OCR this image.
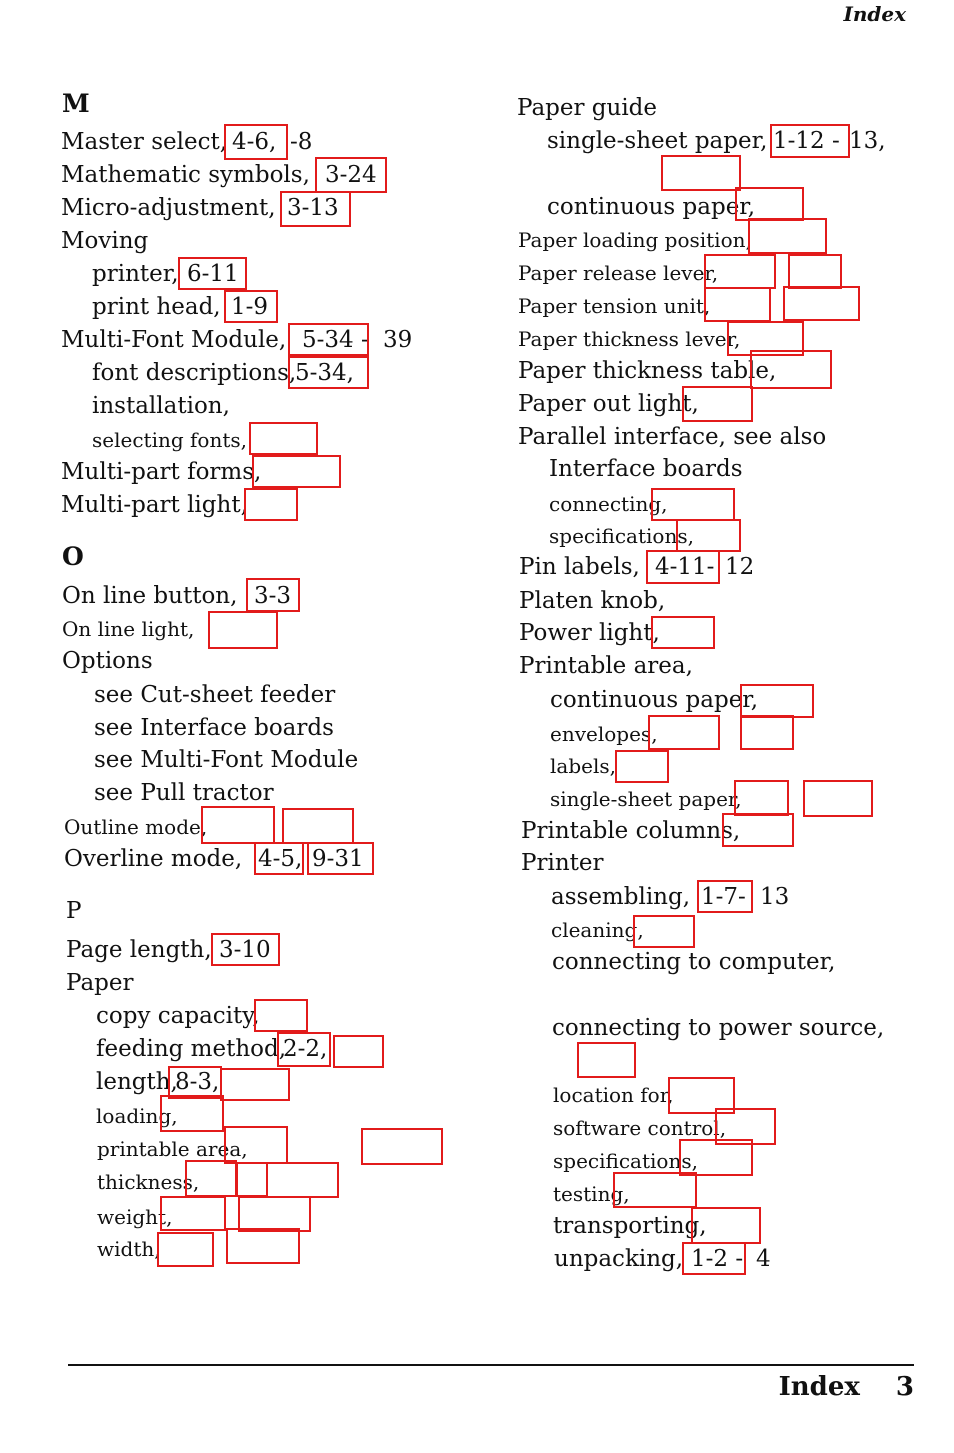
Index
M
Master select, 4-6, -8
Mathematic symbols, 3-24
Micro-adjustment, 3-13
Moving
printer, 6-11
print head, 1-9
Multi-Font Module, 5-34 - 39
font descriptions,
5-34,
installation,
selecting fonts,
Multi-part forms,
Multi-part light,
O
On line button, 3-3
On line light,
Options
see Cut-sheet feeder
see Interface boards
see Multi-Font Module
see Pull tractor
Outline mode,
Overline mode, 4-5, 9-31
P
Page length, 3-10
Paper
copy capacity,
feeding method,
2-2,
length,
8-3,
loading,
printable area,
thickness,
weight,
width,
Paper guide
single-sheet paper, 1-12 - 13,
continuous paper,
Paper loading position,
Paper release lever,
Paper tension unit,
Paper thickness lever,
Paper thickness table,
Paper out light,
Parallel interface, see also
Interface boards
connecting,
specifications,
Pin labels, 4-11- 12
Platen knob,
Power light,
Printable area,
continuous paper,
envelopes,
labels,
single-sheet paper,
Printable columns,
Printer
assembling, 1-7- 13
cleaning,
connecting to computer,
connecting to power source,
location for,
software control,
specifications,
testing,
transporting,
unpacking, 1-2 - 4
Index 3
